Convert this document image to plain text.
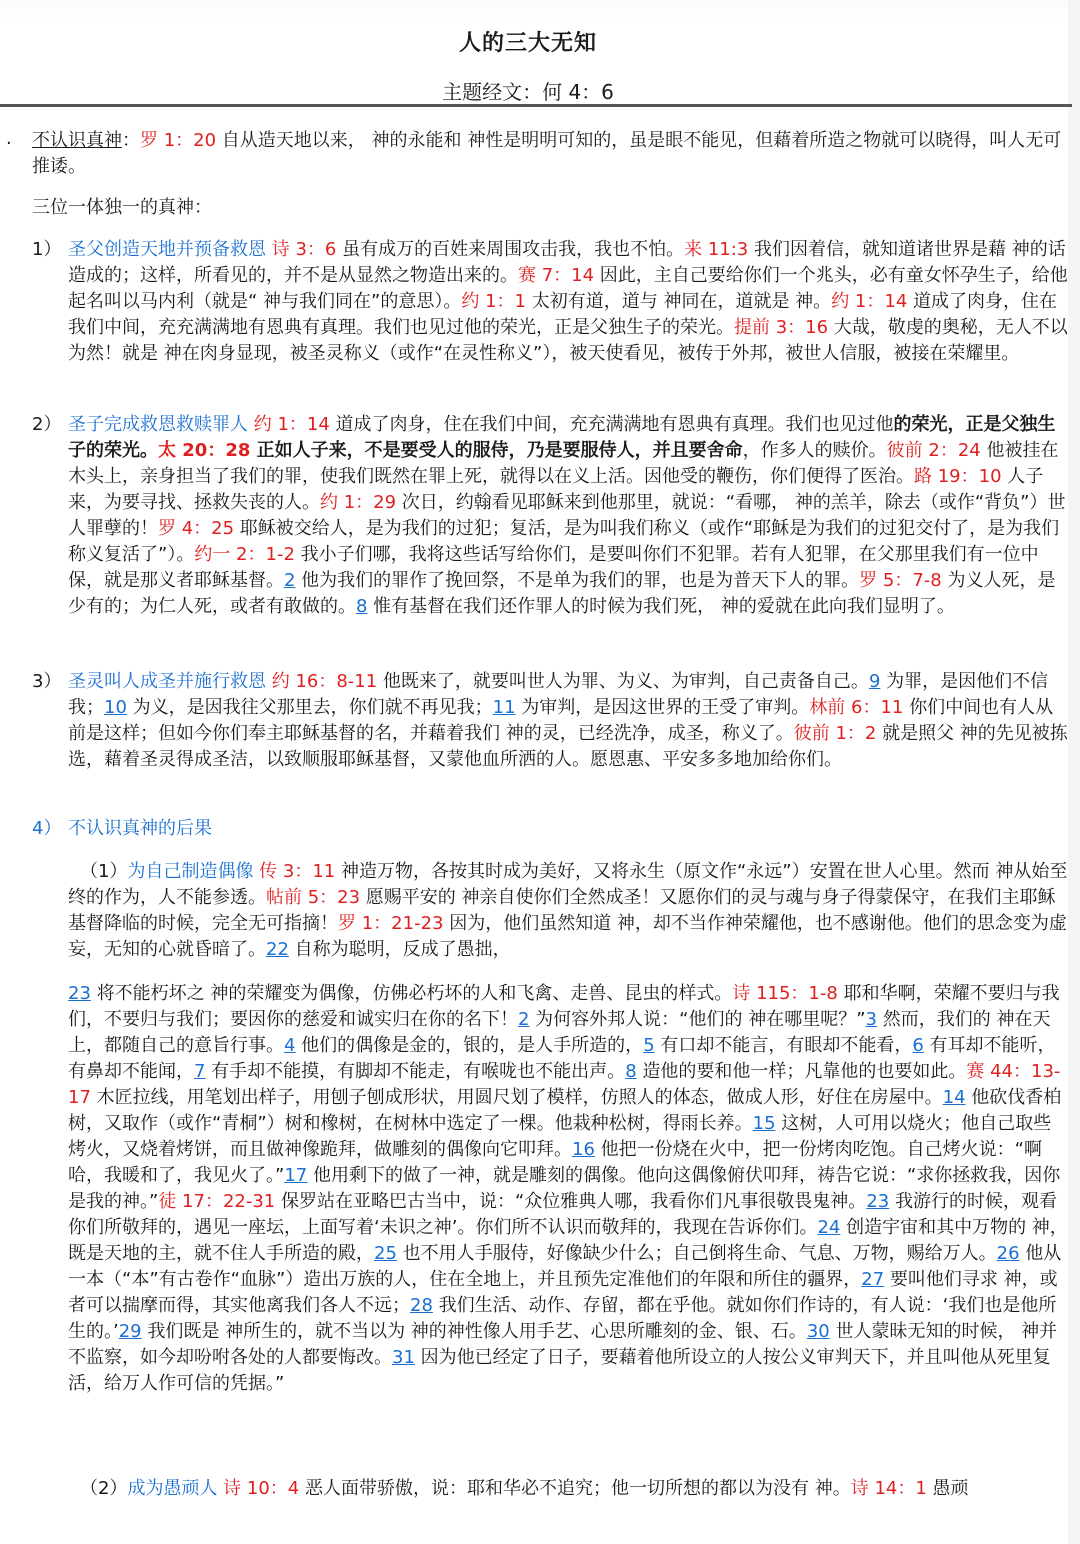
人的三大无知
主题经文：何 4：6
. 不认识真神：罗 1：20 自从造天地以来， 神的永能和 神性是明明可知的，虽是眼不能见，但藉着所造之物就可以晓得，叫人无可推诿。

三位一体独一的真神：

1） 圣父创造天地并预备救恩 诗 3：6 虽有成万的百姓来周围攻击我，我也不怕。来 11:3 我们因着信，就知道诸世界是藉 神的话造成的；这样，所看见的，并不是从显然之物造出来的。赛 7：14 因此，主自己要给你们一个兆头，必有童女怀孕生子，给他起名叫以马内利（就是“ 神与我们同在”的意思）。约 1：1 太初有道，道与 神同在，道就是 神。约 1：14 道成了肉身，住在我们中间，充充满满地有恩典有真理。我们也见过他的荣光，正是父独生子的荣光。提前 3：16 大哉，敬虔的奥秘，无人不以为然！就是 神在肉身显现，被圣灵称义（或作“在灵性称义”），被天使看见，被传于外邦，被世人信服，被接在荣耀里。

2） 圣子完成救恩救赎罪人 约 1：14 道成了肉身，住在我们中间，充充满满地有恩典有真理。我们也见过他的荣光，正是父独生子的荣光。太 20：28 正如人子来，不是要受人的服侍，乃是要服侍人，并且要舍命，作多人的赎价。彼前 2：24 他被挂在木头上，亲身担当了我们的罪，使我们既然在罪上死，就得以在义上活。因他受的鞭伤，你们便得了医治。路 19：10 人子来，为要寻找、拯救失丧的人。约 1：29 次日，约翰看见耶稣来到他那里，就说：“看哪， 神的羔羊，除去（或作“背负”）世人罪孽的！罗 4：25 耶稣被交给人，是为我们的过犯；复活，是为叫我们称义（或作“耶稣是为我们的过犯交付了，是为我们称义复活了”）。约一 2：1-2 我小子们哪，我将这些话写给你们，是要叫你们不犯罪。若有人犯罪，在父那里我们有一位中保，就是那义者耶稣基督。2 他为我们的罪作了挽回祭，不是单为我们的罪，也是为普天下人的罪。罗 5：7-8 为义人死，是少有的；为仁人死，或者有敢做的。8 惟有基督在我们还作罪人的时候为我们死， 神的爱就在此向我们显明了。

3） 圣灵叫人成圣并施行救恩 约 16：8-11 他既来了，就要叫世人为罪、为义、为审判，自己责备自己。9 为罪，是因他们不信我；10 为义，是因我往父那里去，你们就不再见我；11 为审判，是因这世界的王受了审判。林前 6：11 你们中间也有人从前是这样；但如今你们奉主耶稣基督的名，并藉着我们 神的灵，已经洗净，成圣，称义了。彼前 1：2 就是照父 神的先见被拣选，藉着圣灵得成圣洁，以致顺服耶稣基督，又蒙他血所洒的人。愿恩惠、平安多多地加给你们。

4） 不认识真神的后果

（1）为自己制造偶像 传 3：11 神造万物，各按其时成为美好，又将永生（原文作“永远”）安置在世人心里。然而 神从始至终的作为，人不能参透。帖前 5：23 愿赐平安的 神亲自使你们全然成圣！又愿你们的灵与魂与身子得蒙保守，在我们主耶稣基督降临的时候，完全无可指摘！罗 1：21-23 因为，他们虽然知道 神，却不当作神荣耀他，也不感谢他。他们的思念变为虚妄，无知的心就昏暗了。22 自称为聪明，反成了愚拙，

23 将不能朽坏之 神的荣耀变为偶像，仿佛必朽坏的人和飞禽、走兽、昆虫的样式。诗 115：1-8 耶和华啊，荣耀不要归与我们，不要归与我们；要因你的慈爱和诚实归在你的名下！2 为何容外邦人说：“他们的 神在哪里呢？”3 然而，我们的 神在天上，都随自己的意旨行事。4 他们的偶像是金的，银的，是人手所造的，5 有口却不能言，有眼却不能看，6 有耳却不能听，有鼻却不能闻，7 有手却不能摸，有脚却不能走，有喉咙也不能出声。8 造他的要和他一样；凡靠他的也要如此。赛 44：13-17 木匠拉线，用笔划出样子，用刨子刨成形状，用圆尺划了模样，仿照人的体态，做成人形，好住在房屋中。14 他砍伐香柏树，又取作（或作“青桐”）树和橡树，在树林中选定了一棵。他栽种松树，得雨长养。15 这树，人可用以烧火；他自己取些烤火，又烧着烤饼，而且做神像跪拜，做雕刻的偶像向它叩拜。16 他把一份烧在火中，把一份烤肉吃饱。自己烤火说：“啊哈，我暖和了，我见火了。”17 他用剩下的做了一神，就是雕刻的偶像。他向这偶像俯伏叩拜，祷告它说：“求你拯救我，因你是我的神。”徒 17：22-31 保罗站在亚略巴古当中，说：“众位雅典人哪，我看你们凡事很敬畏鬼神。23 我游行的时候，观看你们所敬拜的，遇见一座坛，上面写着‘未识之神’。你们所不认识而敬拜的，我现在告诉你们。24 创造宇宙和其中万物的 神，既是天地的主，就不住人手所造的殿，25 也不用人手服侍，好像缺少什么；自己倒将生命、气息、万物，赐给万人。26 他从一本（“本”有古卷作“血脉”）造出万族的人，住在全地上，并且预先定准他们的年限和所住的疆界，27 要叫他们寻求 神，或者可以揣摩而得，其实他离我们各人不远；28 我们生活、动作、存留，都在乎他。就如你们作诗的，有人说：‘我们也是他所生的。’29 我们既是 神所生的，就不当以为 神的神性像人用手艺、心思所雕刻的金、银、石。30 世人蒙昧无知的时候， 神并不监察，如今却吩咐各处的人都要悔改。31 因为他已经定了日子，要藉着他所设立的人按公义审判天下，并且叫他从死里复活，给万人作可信的凭据。”

（2）成为愚顽人 诗 10：4 恶人面带骄傲，说：耶和华必不追究；他一切所想的都以为没有 神。诗 14：1 愚顽
